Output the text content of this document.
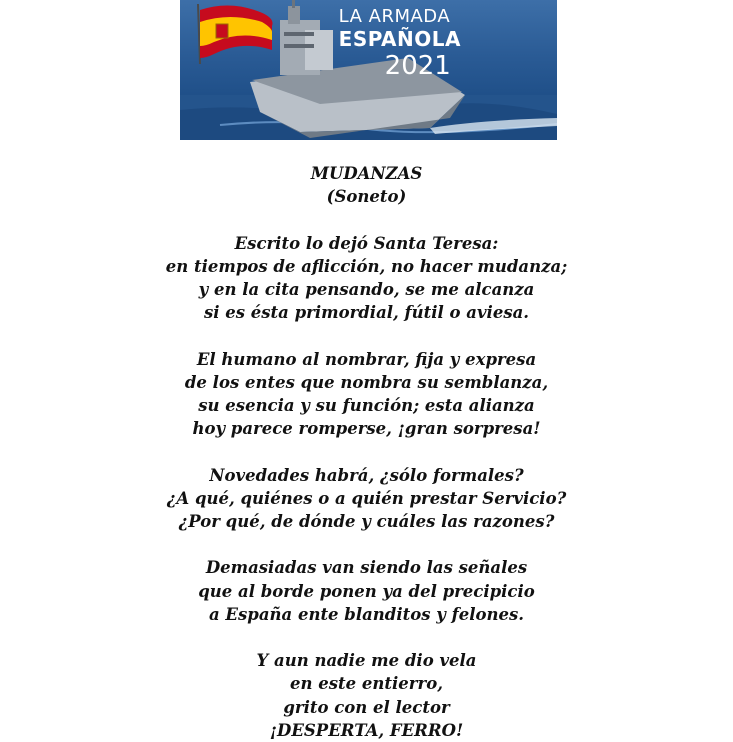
LA ARMADA
ESPAÑOLA
2021
MUDANZAS
(Soneto)
Escrito lo dejó Santa Teresa:
en tiempos de aflicción, no hacer mudanza;
y en la cita pensando, se me alcanza
si es ésta primordial, fútil o aviesa.
El humano al nombrar, fija y expresa
de los entes que nombra su semblanza,
su esencia y su función; esta alianza
hoy parece romperse, ¡gran sorpresa!
Novedades habrá, ¿sólo formales?
¿A qué, quiénes o a quién prestar Servicio?
¿Por qué, de dónde y cuáles las razones?
Demasiadas van siendo las señales
que al borde ponen ya del precipicio
a España ente blanditos y felones.
Y aun nadie me dio vela
en este entierro,
grito con el lector
¡DESPERTA, FERRO!
